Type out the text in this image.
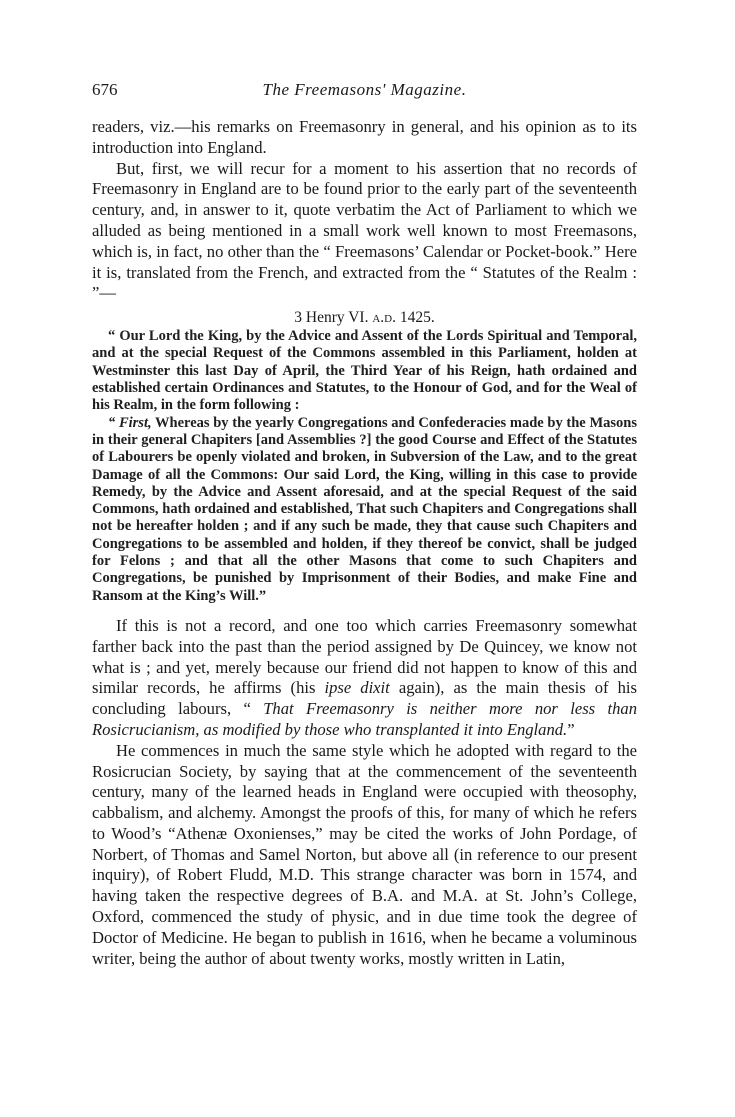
676	The Freemasons' Magazine.

readers, viz.—his remarks on Freemasonry in general, and his opinion as to its introduction into England.

But, first, we will recur for a moment to his assertion that no records of Freemasonry in England are to be found prior to the early part of the seventeenth century, and, in answer to it, quote verbatim the Act of Parliament to which we alluded as being mentioned in a small work well known to most Freemasons, which is, in fact, no other than the “ Freemasons’ Calendar or Pocket-book.” Here it is, translated from the French, and extracted from the “ Statutes of the Realm : ”—

3 Henry VI. a.d. 1425.

“ Our Lord the King, by the Advice and Assent of the Lords Spiritual and Temporal, and at the special Request of the Commons assembled in this Parliament, holden at Westminster this last Day of April, the Third Year of his Reign, hath ordained and established certain Ordinances and Statutes, to the Honour of God, and for the Weal of his Realm, in the form following :

“ First, Whereas by the yearly Congregations and Confederacies made by the Masons in their general Chapiters [and Assemblies ?] the good Course and Effect of the Statutes of Labourers be openly violated and broken, in Subversion of the Law, and to the great Damage of all the Commons: Our said Lord, the King, willing in this case to provide Remedy, by the Advice and Assent aforesaid, and at the special Request of the said Commons, hath ordained and established, That such Chapiters and Congregations shall not be hereafter holden ; and if any such be made, they that cause such Chapiters and Congregations to be assembled and holden, if they thereof be convict, shall be judged for Felons ; and that all the other Masons that come to such Chapiters and Congregations, be punished by Imprisonment of their Bodies, and make Fine and Ransom at the King’s Will.”

If this is not a record, and one too which carries Freemasonry somewhat farther back into the past than the period assigned by De Quincey, we know not what is ; and yet, merely because our friend did not happen to know of this and similar records, he affirms (his ipse dixit again), as the main thesis of his concluding labours, “ That Freemasonry is neither more nor less than Rosicrucianism, as modified by those who transplanted it into England.”

He commences in much the same style which he adopted with regard to the Rosicrucian Society, by saying that at the commencement of the seventeenth century, many of the learned heads in England were occupied with theosophy, cabbalism, and alchemy. Amongst the proofs of this, for many of which he refers to Wood’s “Athenæ Oxonienses,” may be cited the works of John Pordage, of Norbert, of Thomas and Samel Norton, but above all (in reference to our present inquiry), of Robert Fludd, M.D. This strange character was born in 1574, and having taken the respective degrees of B.A. and M.A. at St. John’s College, Oxford, commenced the study of physic, and in due time took the degree of Doctor of Medicine. He began to publish in 1616, when he became a voluminous writer, being the author of about twenty works, mostly written in Latin,
